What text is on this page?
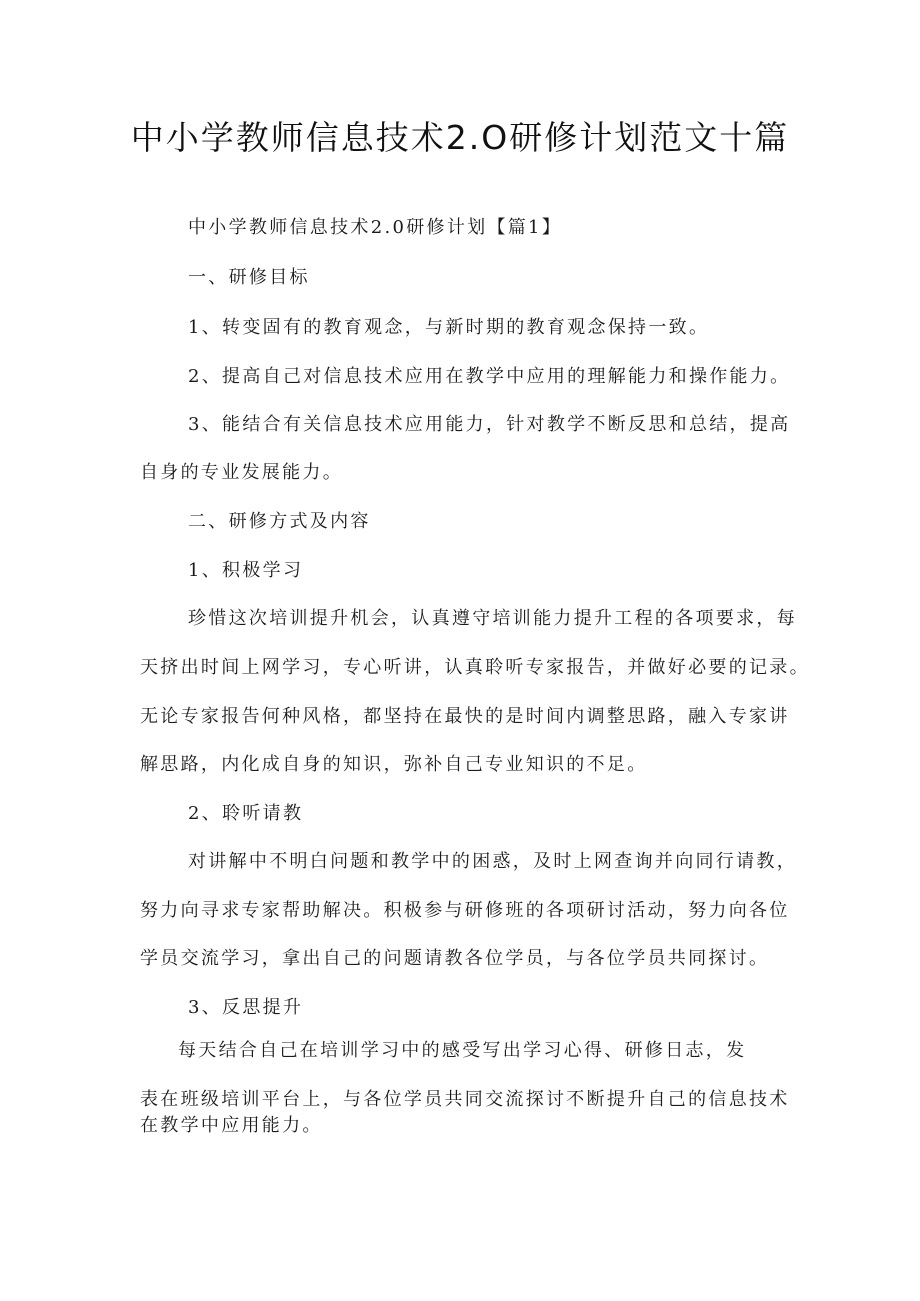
中小学教师信息技术2.O研修计划范文十篇
中小学教师信息技术2.0研修计划【篇1】
一、研修目标
1、转变固有的教育观念，与新时期的教育观念保持一致。
2、提高自己对信息技术应用在教学中应用的理解能力和操作能力。
3、能结合有关信息技术应用能力，针对教学不断反思和总结，提高
自身的专业发展能力。
二、研修方式及内容
1、积极学习
珍惜这次培训提升机会，认真遵守培训能力提升工程的各项要求，每
天挤出时间上网学习，专心听讲，认真聆听专家报告，并做好必要的记录。
无论专家报告何种风格，都坚持在最快的是时间内调整思路，融入专家讲
解思路，内化成自身的知识，弥补自己专业知识的不足。
2、聆听请教
对讲解中不明白问题和教学中的困惑，及时上网查询并向同行请教，
努力向寻求专家帮助解决。积极参与研修班的各项研讨活动，努力向各位
学员交流学习，拿出自己的问题请教各位学员，与各位学员共同探讨。
3、反思提升
每天结合自己在培训学习中的感受写出学习心得、研修日志，发
表在班级培训平台上，与各位学员共同交流探讨不断提升自己的信息技术
在教学中应用能力。
